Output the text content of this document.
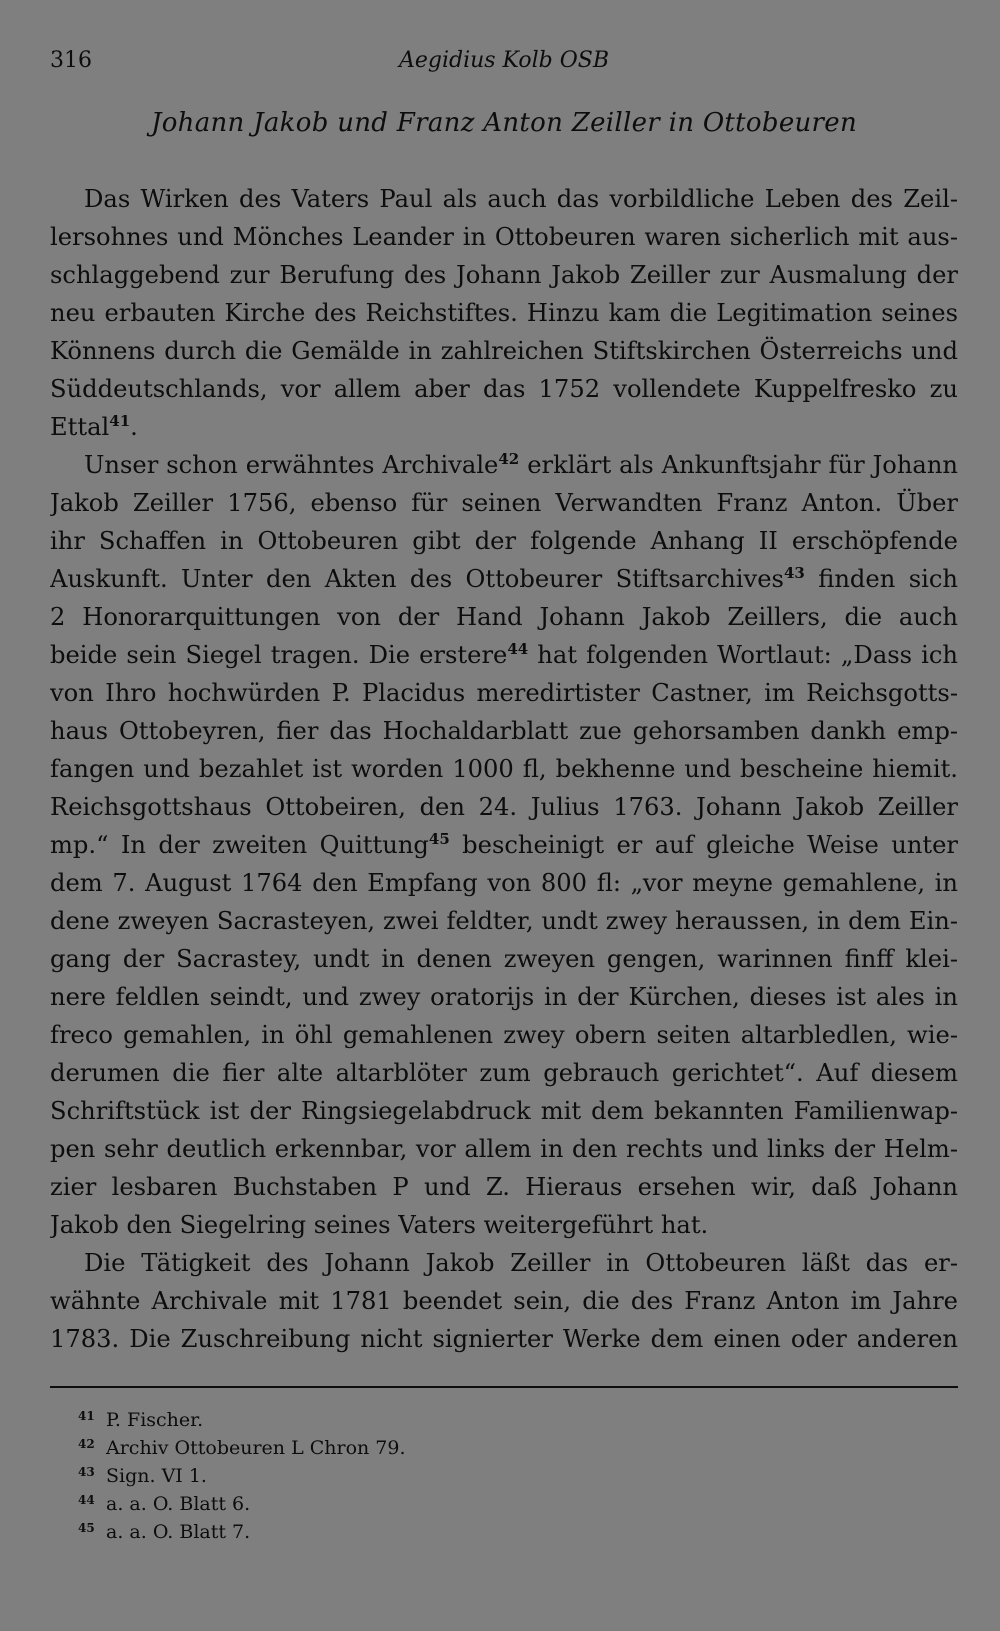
316	Aegidius Kolb OSB
Johann Jakob und Franz Anton Zeiller in Ottobeuren
Das Wirken des Vaters Paul als auch das vorbildliche Leben des Zeil-
lersohnes und Mönches Leander in Ottobeuren waren sicherlich mit aus-
schlaggebend zur Berufung des Johann Jakob Zeiller zur Ausmalung der
neu erbauten Kirche des Reichstiftes. Hinzu kam die Legitimation seines
Könnens durch die Gemälde in zahlreichen Stiftskirchen Österreichs und
Süddeutschlands, vor allem aber das 1752 vollendete Kuppelfresko zu
Ettal$^{41}$.
Unser schon erwähntes Archivale$^{42}$ erklärt als Ankunftsjahr für Johann
Jakob Zeiller 1756, ebenso für seinen Verwandten Franz Anton. Über
ihr Schaffen in Ottobeuren gibt der folgende Anhang II erschöpfende
Auskunft. Unter den Akten des Ottobeurer Stiftsarchives$^{43}$ finden sich
2 Honorarquittungen von der Hand Johann Jakob Zeillers, die auch
beide sein Siegel tragen. Die erstere$^{44}$ hat folgenden Wortlaut: „Dass ich
von Ihro hochwürden P. Placidus meredirtister Castner, im Reichsgotts-
haus Ottobeyren, fier das Hochaldarblatt zue gehorsamben dankh emp-
fangen und bezahlet ist worden 1000 fl, bekhenne und bescheine hiemit.
Reichsgottshaus Ottobeiren, den 24. Julius 1763. Johann Jakob Zeiller
mp.“ In der zweiten Quittung$^{45}$ bescheinigt er auf gleiche Weise unter
dem 7. August 1764 den Empfang von 800 fl: „vor meyne gemahlene, in
dene zweyen Sacrasteyen, zwei feldter, undt zwey heraussen, in dem Ein-
gang der Sacrastey, undt in denen zweyen gengen, warinnen finff klei-
nere feldlen seindt, und zwey oratorijs in der Kürchen, dieses ist ales in
freco gemahlen, in öhl gemahlenen zwey obern seiten altarbledlen, wie-
derumen die fier alte altarblöter zum gebrauch gerichtet“. Auf diesem
Schriftstück ist der Ringsiegelabdruck mit dem bekannten Familienwap-
pen sehr deutlich erkennbar, vor allem in den rechts und links der Helm-
zier lesbaren Buchstaben P und Z. Hieraus ersehen wir, daß Johann
Jakob den Siegelring seines Vaters weitergeführt hat.
Die Tätigkeit des Johann Jakob Zeiller in Ottobeuren läßt das er-
wähnte Archivale mit 1781 beendet sein, die des Franz Anton im Jahre
1783. Die Zuschreibung nicht signierter Werke dem einen oder anderen
41 P. Fischer.
42 Archiv Ottobeuren L Chron 79.
43 Sign. VI 1.
44 a. a. O. Blatt 6.
45 a. a. O. Blatt 7.
